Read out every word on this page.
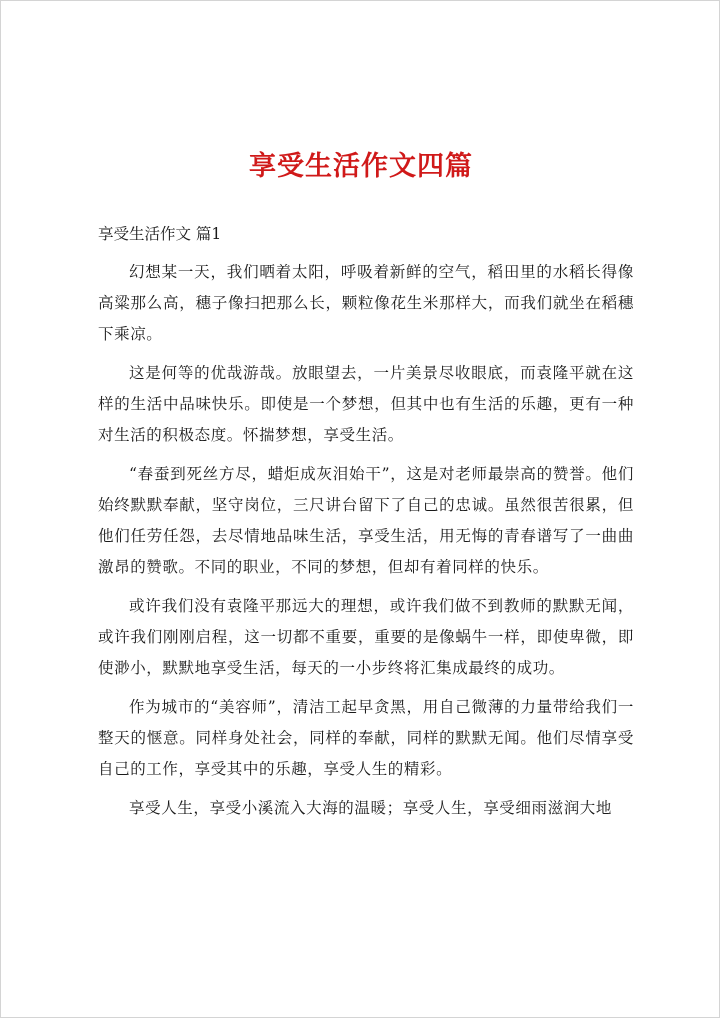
享受生活作文四篇
享受生活作文 篇1

幻想某一天，我们晒着太阳，呼吸着新鲜的空气，稻田里的水稻长得像高粱那么高，穗子像扫把那么长，颗粒像花生米那样大，而我们就坐在稻穗下乘凉。

这是何等的优哉游哉。放眼望去，一片美景尽收眼底，而袁隆平就在这样的生活中品味快乐。即使是一个梦想，但其中也有生活的乐趣，更有一种对生活的积极态度。怀揣梦想，享受生活。

“春蚕到死丝方尽，蜡炬成灰泪始干”，这是对老师最崇高的赞誉。他们始终默默奉献，坚守岗位，三尺讲台留下了自己的忠诚。虽然很苦很累，但他们任劳任怨，去尽情地品味生活，享受生活，用无悔的青春谱写了一曲曲激昂的赞歌。不同的职业，不同的梦想，但却有着同样的快乐。

或许我们没有袁隆平那远大的理想，或许我们做不到教师的默默无闻，或许我们刚刚启程，这一切都不重要，重要的是像蜗牛一样，即使卑微，即使渺小，默默地享受生活，每天的一小步终将汇集成最终的成功。

作为城市的“美容师”，清洁工起早贪黑，用自己微薄的力量带给我们一整天的惬意。同样身处社会，同样的奉献，同样的默默无闻。他们尽情享受自己的工作，享受其中的乐趣，享受人生的精彩。

享受人生，享受小溪流入大海的温暖；享受人生，享受细雨滋润大地
